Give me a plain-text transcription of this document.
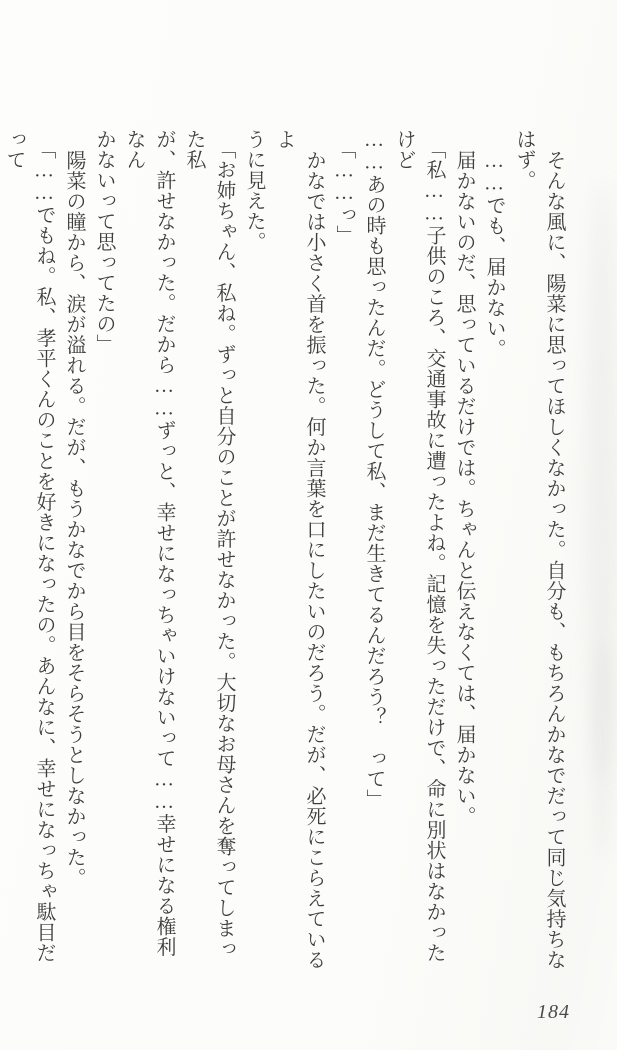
そんな風に、陽菜に思ってほしくなかった。自分も、もちろんかなでだって同じ気持ちな

はず。

……でも、届かない。

届かないのだ、思っているだけでは。ちゃんと伝えなくては、届かない。

「私……子供のころ、交通事故に遭ったよね。記憶を失っただけで、命に別状はなかったけど

……あの時も思ったんだ。どうして私、まだ生きてるんだろう？　って」

「……っ」

かなでは小さく首を振った。何か言葉を口にしたいのだろう。だが、必死にこらえているよ

うに見えた。

「お姉ちゃん、私ね。ずっと自分のことが許せなかった。大切なお母さんを奪ってしまった私

が、許せなかった。だから……ずっと、幸せになっちゃいけないって……幸せになる権利なん

かないって思ってたの」

陽菜の瞳から、涙が溢れる。だが、もうかなでから目をそらそうとしなかった。

「……でもね。私、孝平くんのことを好きになったの。あんなに、幸せになっちゃ駄目だって

184
